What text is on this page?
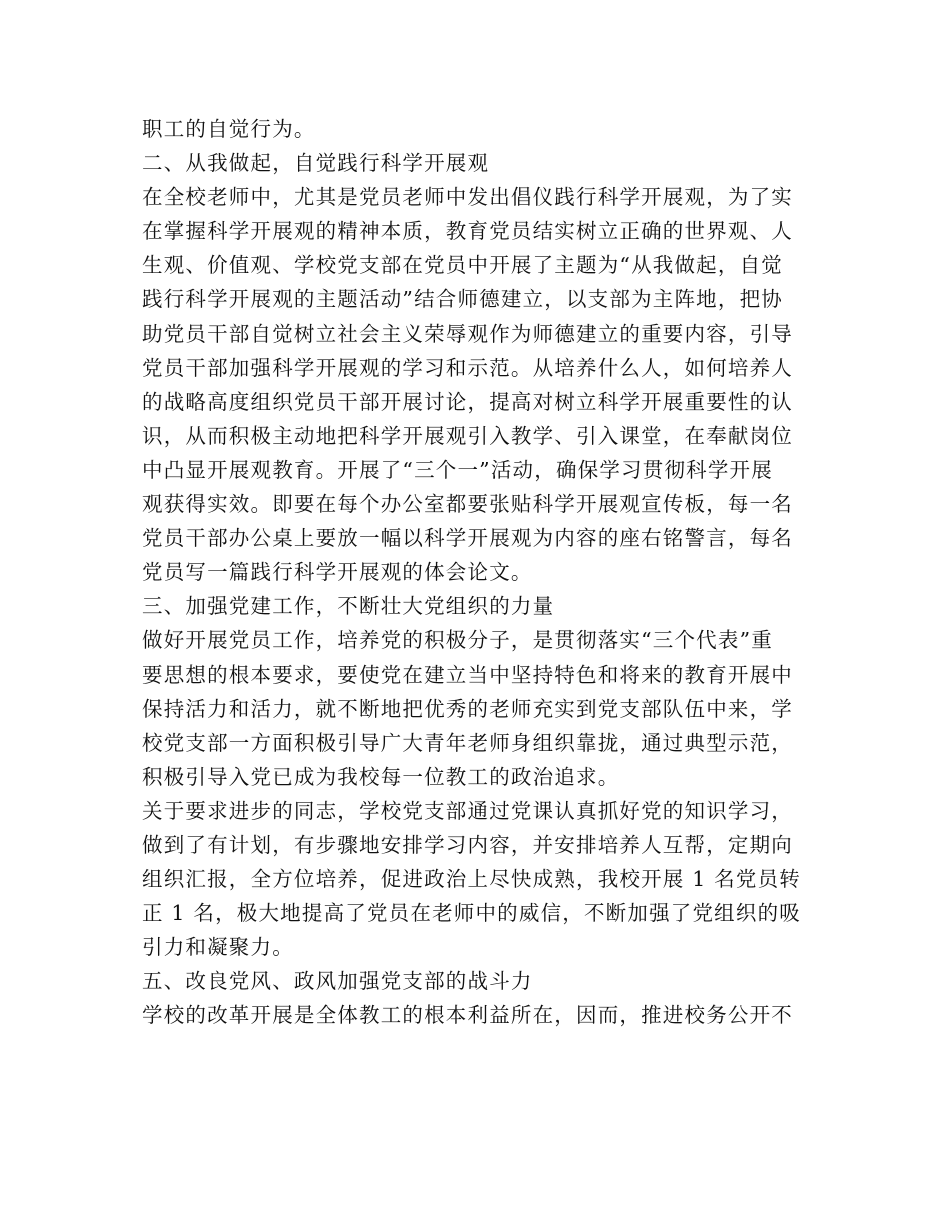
职工的自觉行为。
二、从我做起，自觉践行科学开展观
在全校老师中，尤其是党员老师中发出倡仪践行科学开展观，为了实
在掌握科学开展观的精神本质，教育党员结实树立正确的世界观、人
生观、价值观、学校党支部在党员中开展了主题为“从我做起，自觉
践行科学开展观的主题活动”结合师德建立，以支部为主阵地，把协
助党员干部自觉树立社会主义荣辱观作为师德建立的重要内容，引导
党员干部加强科学开展观的学习和示范。从培养什么人，如何培养人
的战略高度组织党员干部开展讨论，提高对树立科学开展重要性的认
识，从而积极主动地把科学开展观引入教学、引入课堂，在奉献岗位
中凸显开展观教育。开展了“三个一”活动，确保学习贯彻科学开展
观获得实效。即要在每个办公室都要张贴科学开展观宣传板，每一名
党员干部办公桌上要放一幅以科学开展观为内容的座右铭警言，每名
党员写一篇践行科学开展观的体会论文。
三、加强党建工作，不断壮大党组织的力量
做好开展党员工作，培养党的积极分子，是贯彻落实“三个代表”重
要思想的根本要求，要使党在建立当中坚持特色和将来的教育开展中
保持活力和活力，就不断地把优秀的老师充实到党支部队伍中来，学
校党支部一方面积极引导广大青年老师身组织靠拢，通过典型示范，
积极引导入党已成为我校每一位教工的政治追求。
关于要求进步的同志，学校党支部通过党课认真抓好党的知识学习，
做到了有计划，有步骤地安排学习内容，并安排培养人互帮，定期向
组织汇报，全方位培养，促进政治上尽快成熟，我校开展 1 名党员转
正 1 名，极大地提高了党员在老师中的威信，不断加强了党组织的吸
引力和凝聚力。
五、改良党风、政风加强党支部的战斗力
学校的改革开展是全体教工的根本利益所在，因而，推进校务公开不
